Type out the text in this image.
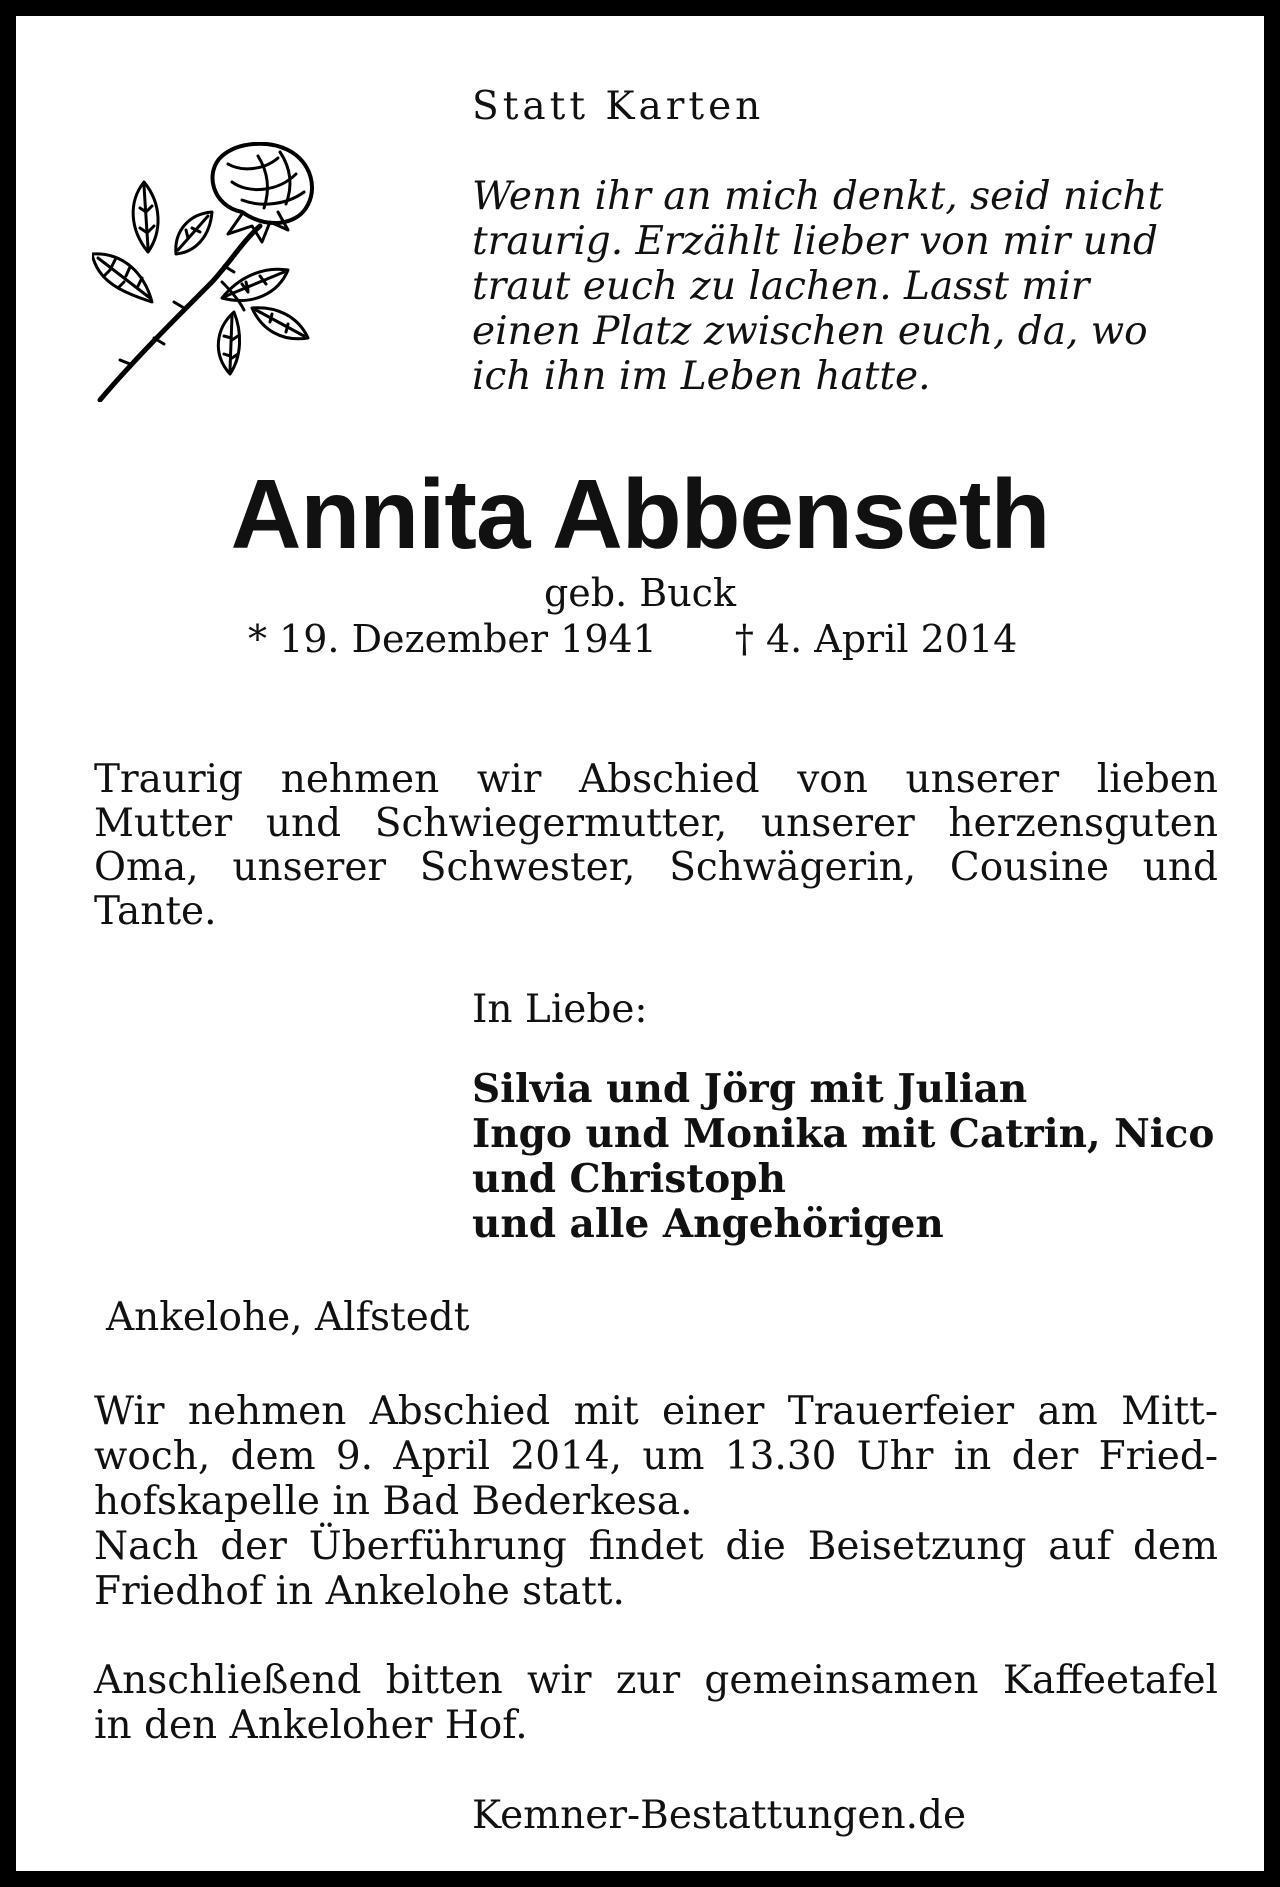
Statt Karten

Wenn ihr an mich denkt, seid nicht
traurig. Erzählt lieber von mir und
traut euch zu lachen. Lasst mir
einen Platz zwischen euch, da, wo
ich ihn im Leben hatte.

Annita Abbenseth

geb. Buck

* 19. Dezember 1941 † 4. April 2014

Traurig nehmen wir Abschied von unserer lieben
Mutter und Schwiegermutter, unserer herzensguten
Oma, unserer Schwester, Schwägerin, Cousine und
Tante.

In Liebe:

Silvia und Jörg mit Julian
Ingo und Monika mit Catrin, Nico
und Christoph
und alle Angehörigen

Ankelohe, Alfstedt

Wir nehmen Abschied mit einer Trauerfeier am Mitt-
woch, dem 9. April 2014, um 13.30 Uhr in der Fried-
hofskapelle in Bad Bederkesa.
Nach der Überführung findet die Beisetzung auf dem
Friedhof in Ankelohe statt.

Anschließend bitten wir zur gemeinsamen Kaffeetafel
in den Ankeloher Hof.

Kemner-Bestattungen.de
